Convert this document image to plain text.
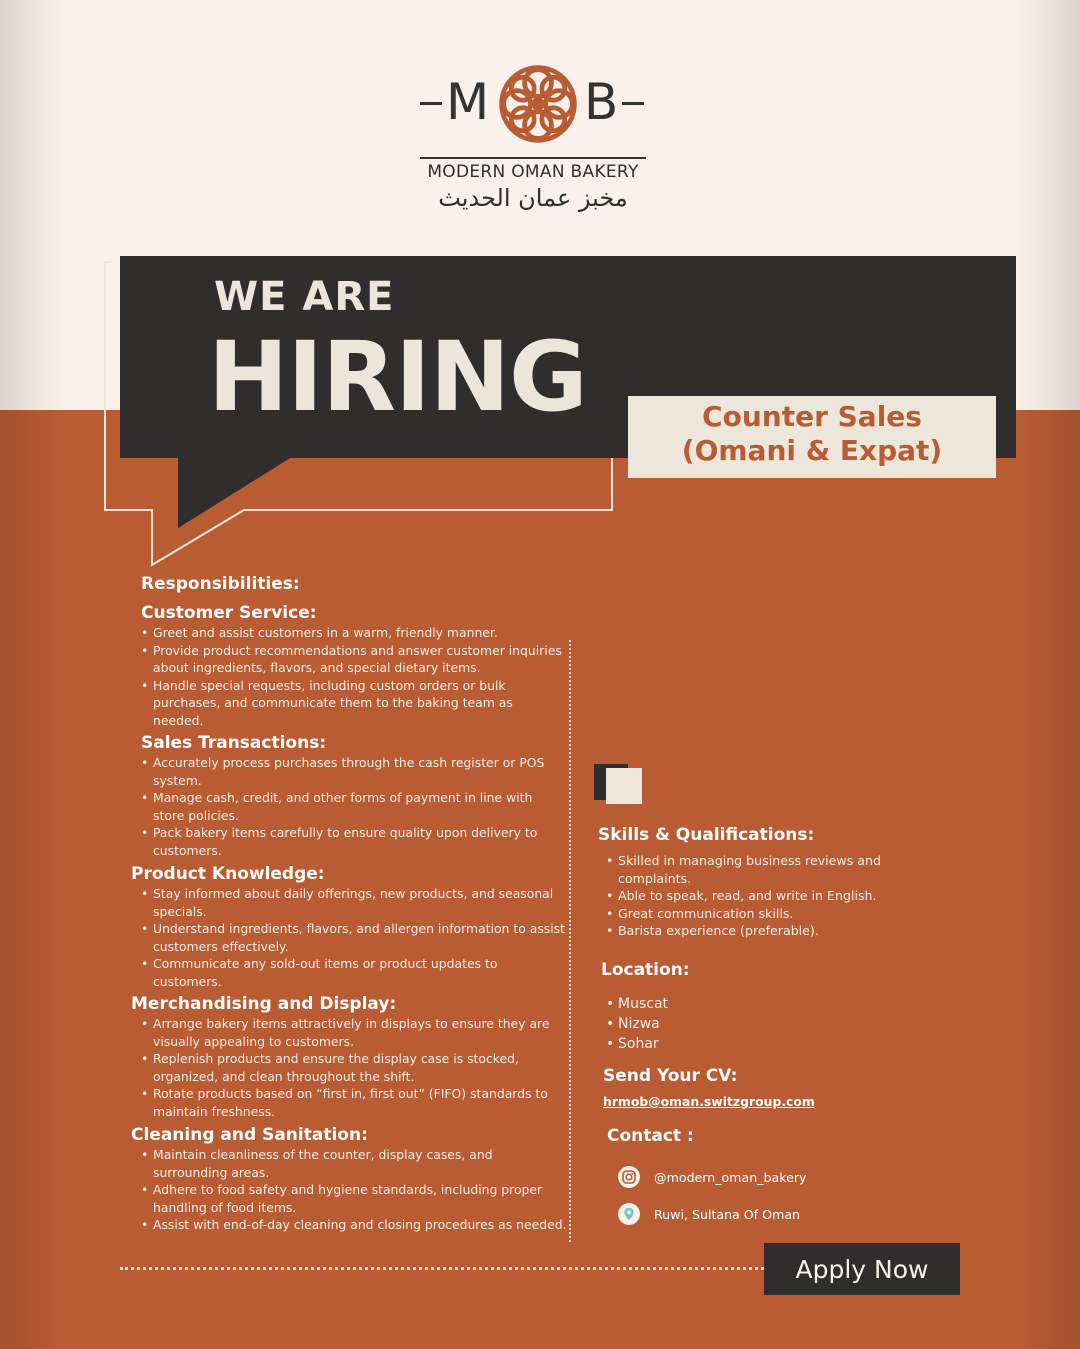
M B
MODERN OMAN BAKERY
مخبز عمان الحديث
WE ARE
HIRING	Counter Sales
(Omani & Expat)
Responsibilities:
Customer Service:
• Greet and assist customers in a warm, friendly manner.
• Provide product recommendations and answer customer inquiries about ingredients, flavors, and special dietary items.
• Handle special requests, including custom orders or bulk purchases, and communicate them to the baking team as needed.
Sales Transactions:
• Accurately process purchases through the cash register or POS system.
• Manage cash, credit, and other forms of payment in line with store policies.
• Pack bakery items carefully to ensure quality upon delivery to customers.
Product Knowledge:
• Stay informed about daily offerings, new products, and seasonal specials.
• Understand ingredients, flavors, and allergen information to assist customers effectively.
• Communicate any sold-out items or product updates to customers.
Merchandising and Display:
• Arrange bakery items attractively in displays to ensure they are visually appealing to customers.
• Replenish products and ensure the display case is stocked, organized, and clean throughout the shift.
• Rotate products based on “first in, first out” (FIFO) standards to maintain freshness.
Cleaning and Sanitation:
• Maintain cleanliness of the counter, display cases, and surrounding areas.
• Adhere to food safety and hygiene standards, including proper handling of food items.
• Assist with end-of-day cleaning and closing procedures as needed.
Skills & Qualifications:
• Skilled in managing business reviews and complaints.
• Able to speak, read, and write in English.
• Great communication skills.
• Barista experience (preferable).
Location:
• Muscat
• Nizwa
• Sohar
Send Your CV:
hrmob@oman.switzgroup.com
Contact :
@modern_oman_bakery
Ruwi, Sultana Of Oman
Apply Now
